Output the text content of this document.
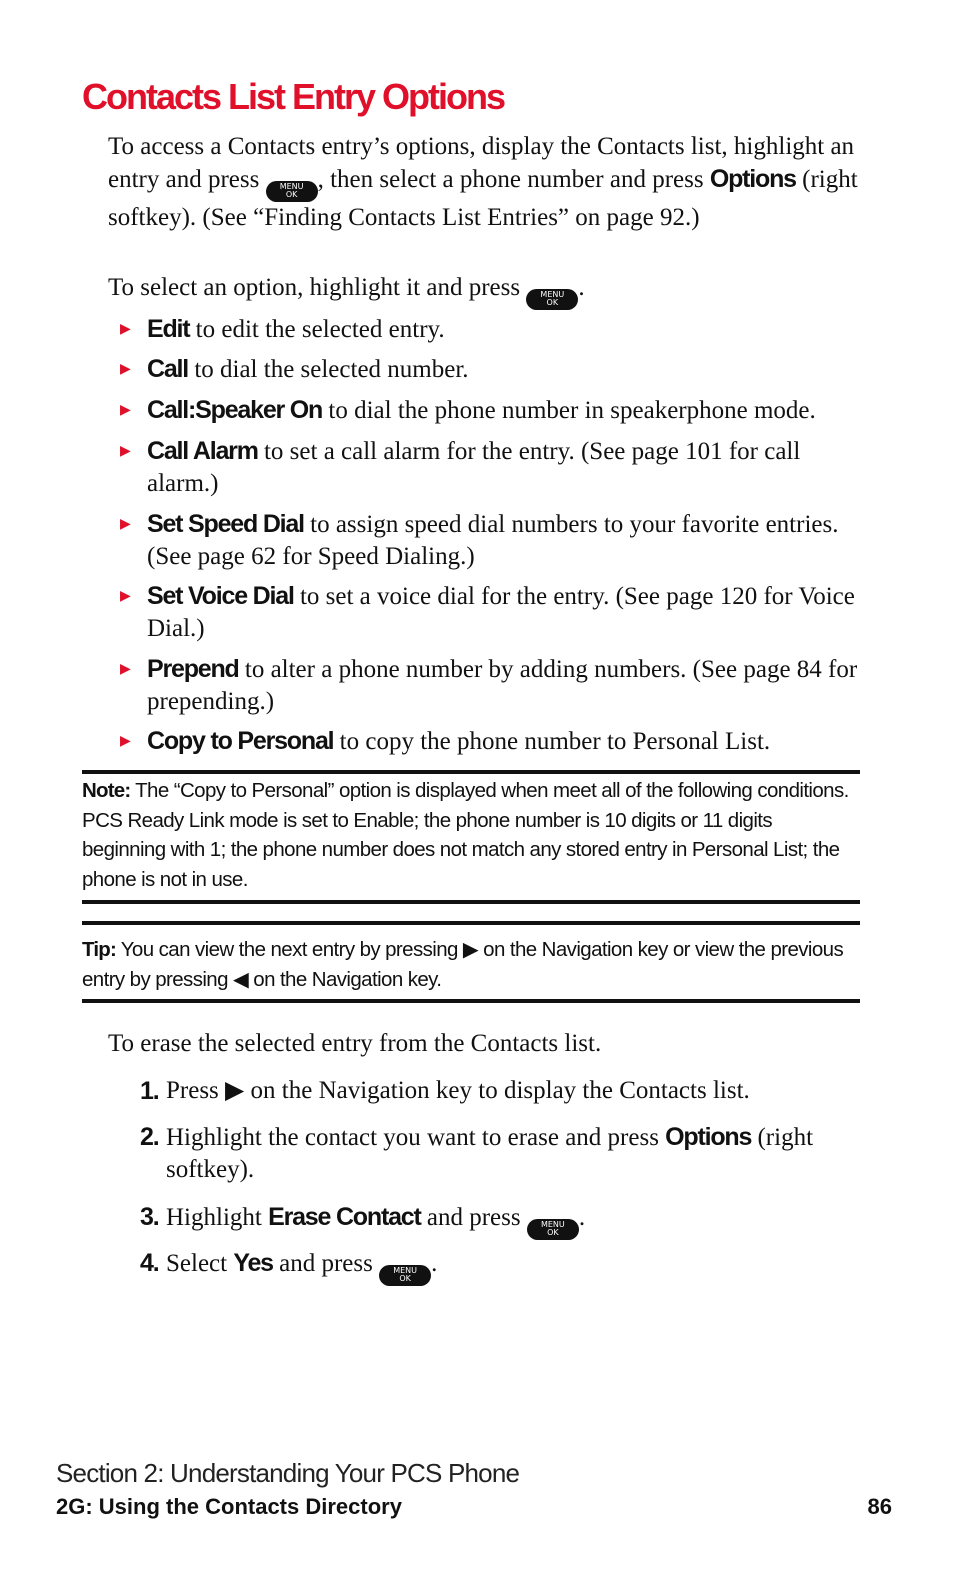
Contacts List Entry Options

To access a Contacts entry’s options, display the Contacts list, highlight an entry and press MENU
OK
, then select a phone number and press Options (right softkey). (See “Finding Contacts List Entries” on page 92.)

To select an option, highlight it and press MENU
OK
.

▶ Edit to edit the selected entry.
▶ Call to dial the selected number.
▶ Call:Speaker On to dial the phone number in speakerphone mode.
▶ Call Alarm to set a call alarm for the entry. (See page 101 for call alarm.)
▶ Set Speed Dial to assign speed dial numbers to your favorite entries. (See page 62 for Speed Dialing.)
▶ Set Voice Dial to set a voice dial for the entry. (See page 120 for Voice Dial.)
▶ Prepend to alter a phone number by adding numbers. (See page 84 for prepending.)
▶ Copy to Personal to copy the phone number to Personal List.

Note: The “Copy to Personal” option is displayed when meet all of the following conditions. PCS Ready Link mode is set to Enable; the phone number is 10 digits or 11 digits beginning with 1; the phone number does not match any stored entry in Personal List; the phone is not in use.

Tip: You can view the next entry by pressing ▶ on the Navigation key or view the previous entry by pressing ◀ on the Navigation key.

To erase the selected entry from the Contacts list.

1. Press ▶ on the Navigation key to display the Contacts list.
2. Highlight the contact you want to erase and press Options (right softkey).
3. Highlight Erase Contact and press MENU
OK
.
4. Select Yes and press MENU
OK
.

Section 2: Understanding Your PCS Phone

2G: Using the Contacts Directory	86
